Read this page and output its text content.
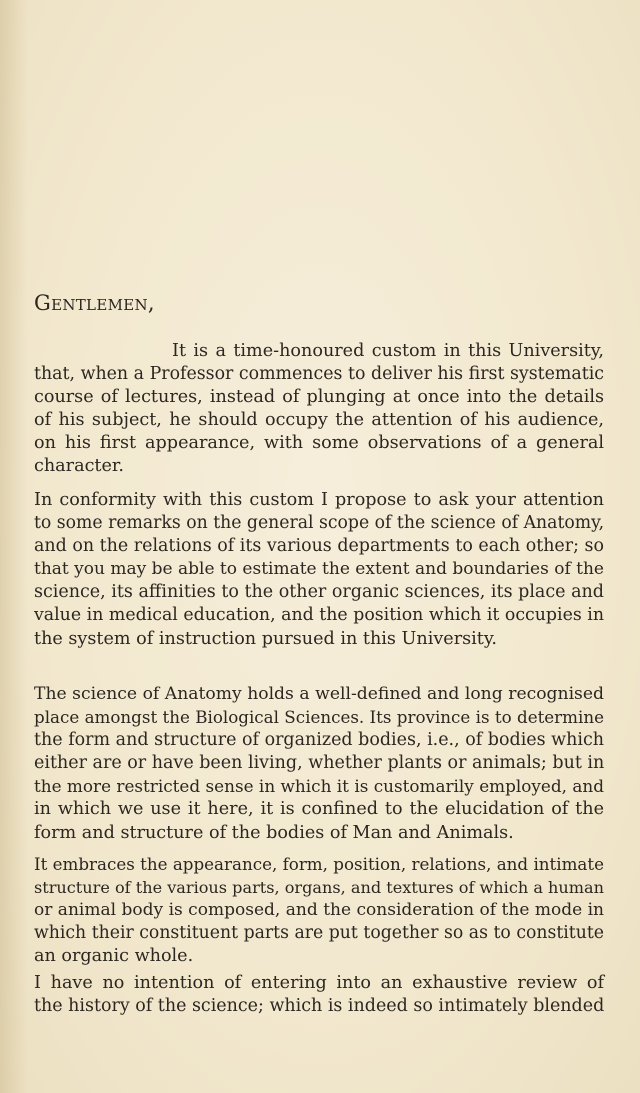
Gentlemen,
It is a time-honoured custom in this University,
that, when a Professor commences to deliver his first systematic
course of lectures, instead of plunging at once into the details
of his subject, he should occupy the attention of his audience,
on his first appearance, with some observations of a general
character.
In conformity with this custom I propose to ask your attention
to some remarks on the general scope of the science of Anatomy,
and on the relations of its various departments to each other; so
that you may be able to estimate the extent and boundaries of the
science, its affinities to the other organic sciences, its place and
value in medical education, and the position which it occupies in
the system of instruction pursued in this University.
The science of Anatomy holds a well-defined and long recognised
place amongst the Biological Sciences. Its province is to determine
the form and structure of organized bodies, i.e., of bodies which
either are or have been living, whether plants or animals; but in
the more restricted sense in which it is customarily employed, and
in which we use it here, it is confined to the elucidation of the
form and structure of the bodies of Man and Animals.
It embraces the appearance, form, position, relations, and intimate
structure of the various parts, organs, and textures of which a human
or animal body is composed, and the consideration of the mode in
which their constituent parts are put together so as to constitute
an organic whole.
I have no intention of entering into an exhaustive review of
the history of the science; which is indeed so intimately blended
